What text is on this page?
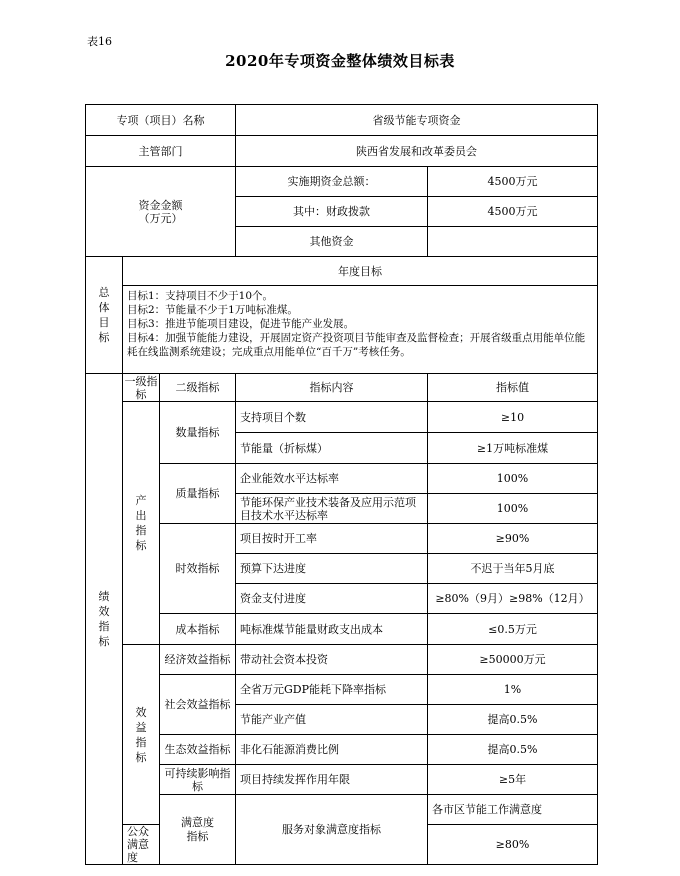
表16
2020年专项资金整体绩效目标表
专项（项目）名称			省级节能专项资金		
主管部门			陕西省发展和改革委员会		

资金金额
（万元）			实施期资金总额：	4500万元	
			其中：财政拨款	4500万元	
			其他资金		
总体目标	年度目标				

	目标1：支持项目不少于10个。
目标2：节能量不少于1万吨标准煤。
目标3：推进节能项目建设，促进节能产业发展。
目标4：加强节能能力建设，开展固定资产投资项目节能审查及监督检查；开展省级重点用能单位能耗在线监测系统建设；完成重点用能单位“百千万”考核任务。				

绩效指标	一级指标	二级指标	指标内容	指标值	
	产出指标	数量指标	支持项目个数	≥10	
			节能量（折标煤）	≥1万吨标准煤	
		质量指标	企业能效水平达标率	100%	
			节能环保产业技术装备及应用示范项目技术水平达标率	100%	
		时效指标	项目按时开工率	≥90%	
			预算下达进度	不迟于当年5月底	
			资金支付进度	≥80%（9月）≥98%（12月）	
		成本指标	吨标准煤节能量财政支出成本	≤0.5万元	
	效益指标	经济效益指标	带动社会资本投资	≥50000万元	
		社会效益指标	全省万元GDP能耗下降率指标	1%	
			节能产业产值	提高0.5%	
		生态效益指标	非化石能源消费比例	提高0.5%	
		可持续影响指标	项目持续发挥作用年限	≥5年	
		满意度指标	服务对象满意度指标	各市区节能工作满意度	
	公众满意度			≥80%	
